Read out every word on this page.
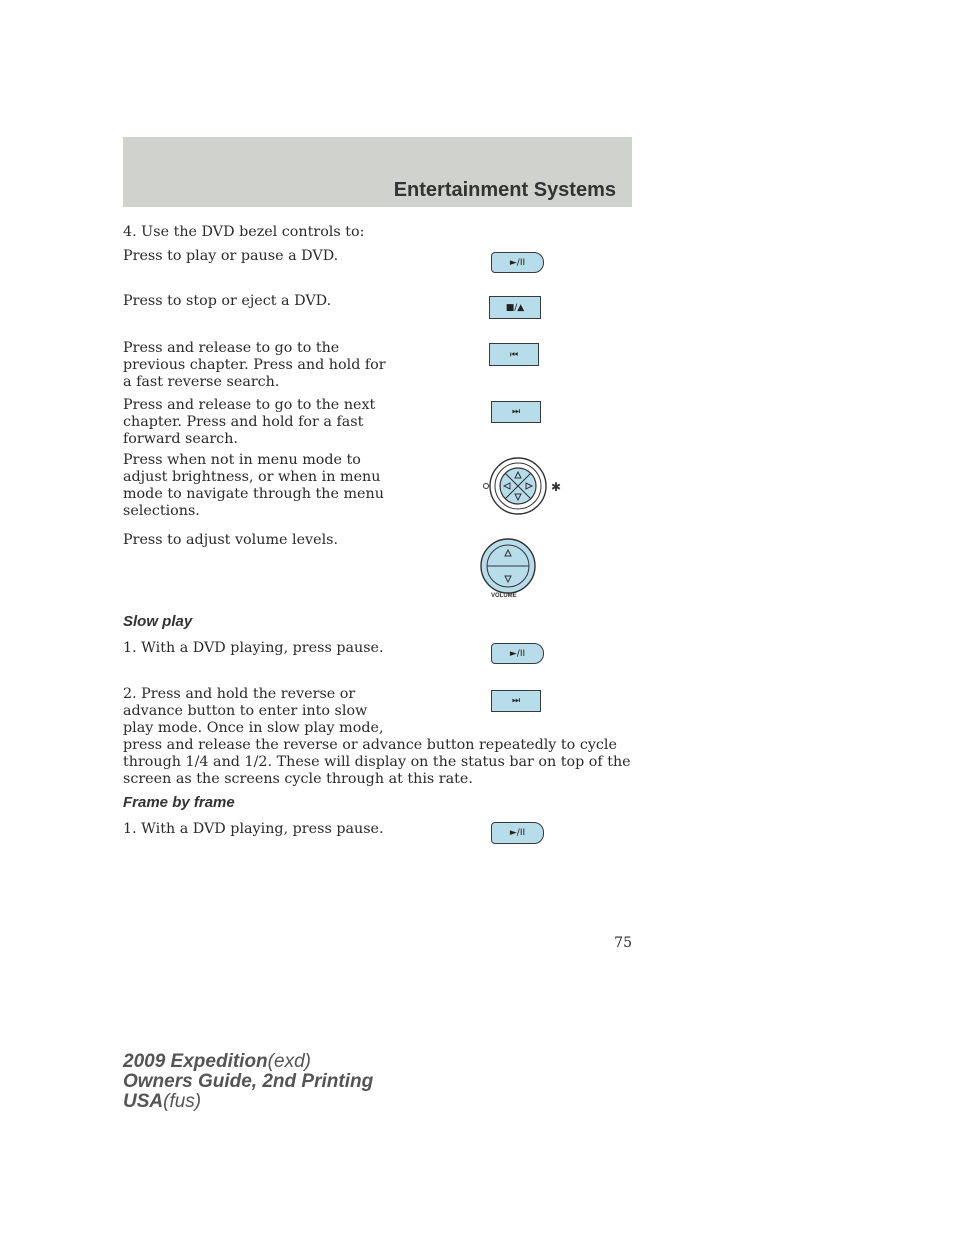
Entertainment Systems

4. Use the DVD bezel controls to:

Press to play or pause a DVD.

Press to stop or eject a DVD.

Press and release to go to the
previous chapter. Press and hold for
a fast reverse search.

Press and release to go to the next
chapter. Press and hold for a fast
forward search.

Press when not in menu mode to
adjust brightness, or when in menu
mode to navigate through the menu
selections.

Press to adjust volume levels.

►/II
■/▲
⏮
⏭
✱
VOLUME

Slow play

1. With a DVD playing, press pause.	►/II

2. Press and hold the reverse or
advance button to enter into slow
play mode. Once in slow play mode,
press and release the reverse or advance button repeatedly to cycle
through 1/4 and 1/2. These will display on the status bar on top of the
screen as the screens cycle through at this rate.

⏭

Frame by frame

1. With a DVD playing, press pause.	►/II
75
2009 Expedition(exd)
Owners Guide, 2nd Printing
USA(fus)
